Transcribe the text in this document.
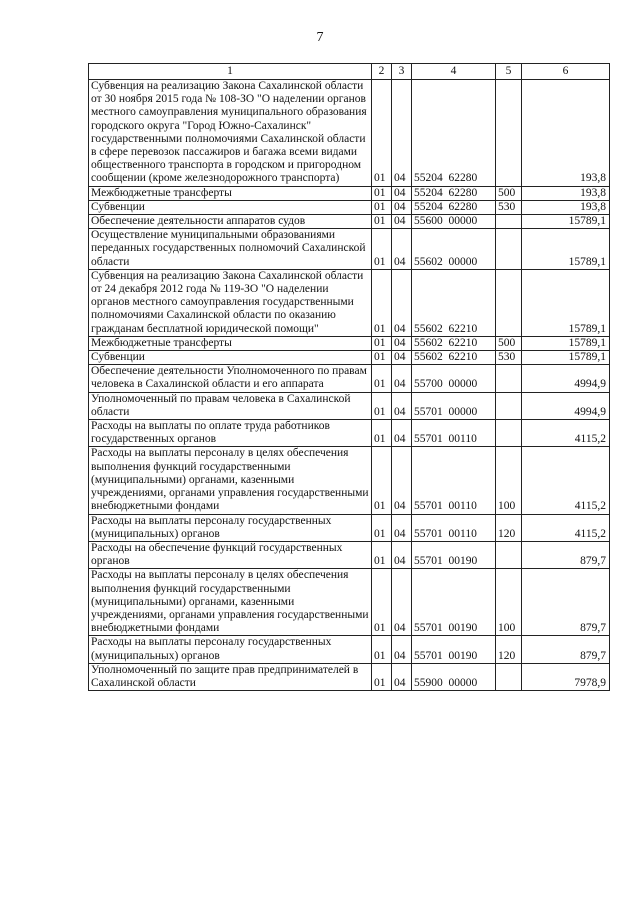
7
1	2	3	4	5	6
Субвенция на реализацию Закона Сахалинской области от 30 ноября 2015 года № 108-ЗО "О наделении органов местного самоуправления муниципального образования городского округа "Город Южно-Сахалинск" государственными полномочиями Сахалинской области в сфере перевозок пассажиров и багажа всеми видами общественного транспорта в городском и пригородном сообщении (кроме железнодорожного транспорта)	01	04	55204  62280		193,8
Межбюджетные трансферты	01	04	55204  62280	500	193,8
Субвенции	01	04	55204  62280	530	193,8
Обеспечение деятельности аппаратов судов	01	04	55600  00000		15789,1
Осуществление муниципальными образованиями переданных государственных полномочий Сахалинской области	01	04	55602  00000		15789,1
Субвенция на реализацию Закона Сахалинской области от 24 декабря 2012 года № 119-ЗО "О наделении органов местного самоуправления государственными полномочиями Сахалинской области по оказанию гражданам бесплатной юридической помощи"	01	04	55602  62210		15789,1
Межбюджетные трансферты	01	04	55602  62210	500	15789,1
Субвенции	01	04	55602  62210	530	15789,1
Обеспечение деятельности Уполномоченного по правам человека в Сахалинской области и его аппарата	01	04	55700  00000		4994,9
Уполномоченный по правам человека в Сахалинской области	01	04	55701  00000		4994,9
Расходы на выплаты по оплате труда работников государственных органов	01	04	55701  00110		4115,2
Расходы на выплаты персоналу в целях обеспечения выполнения функций государственными (муниципальными) органами, казенными учреждениями, органами управления государственными внебюджетными фондами	01	04	55701  00110	100	4115,2
Расходы на выплаты персоналу государственных (муниципальных) органов	01	04	55701  00110	120	4115,2
Расходы на обеспечение функций государственных органов	01	04	55701  00190		879,7
Расходы на выплаты персоналу в целях обеспечения выполнения функций государственными (муниципальными) органами, казенными учреждениями, органами управления государственными внебюджетными фондами	01	04	55701  00190	100	879,7
Расходы на выплаты персоналу государственных (муниципальных) органов	01	04	55701  00190	120	879,7
Уполномоченный по защите прав предпринимателей в Сахалинской области	01	04	55900  00000		7978,9
